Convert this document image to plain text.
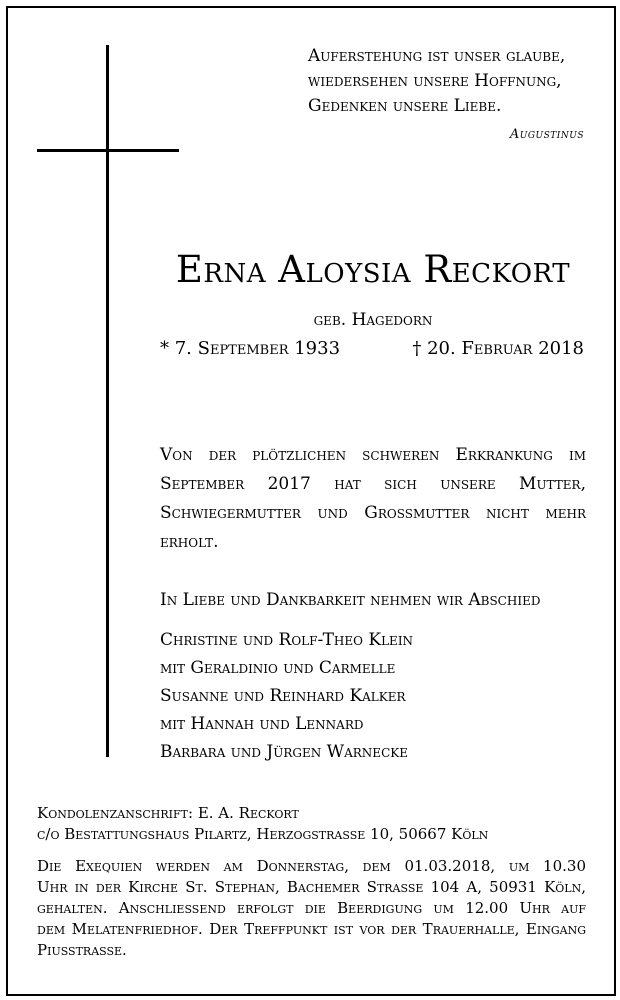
Auferstehung ist unser glaube,
wiedersehen unsere Hoffnung,
Gedenken unsere Liebe.
Augustinus
Erna Aloysia Reckort
geb. Hagedorn
* 7. September 1933	† 20. Februar 2018
Von der plötzlichen schweren Erkrankung im
September 2017 hat sich unsere Mutter,
Schwiegermutter und Großmutter nicht mehr
erholt.
In Liebe und Dankbarkeit nehmen wir Abschied
Christine und Rolf-Theo Klein
mit Geraldinio und Carmelle
Susanne und Reinhard Kalker
mit Hannah und Lennard
Barbara und Jürgen Warnecke
Kondolenzanschrift: E. A. Reckort
c/o Bestattungshaus Pilartz, Herzogstraße 10, 50667 Köln
Die Exequien werden am Donnerstag, dem 01.03.2018, um 10.30
Uhr in der Kirche St. Stephan, Bachemer Straße 104 A, 50931 Köln,
gehalten. Anschließend erfolgt die Beerdigung um 12.00 Uhr auf
dem Melatenfriedhof. Der Treffpunkt ist vor der Trauerhalle, Eingang
Piusstraße.
